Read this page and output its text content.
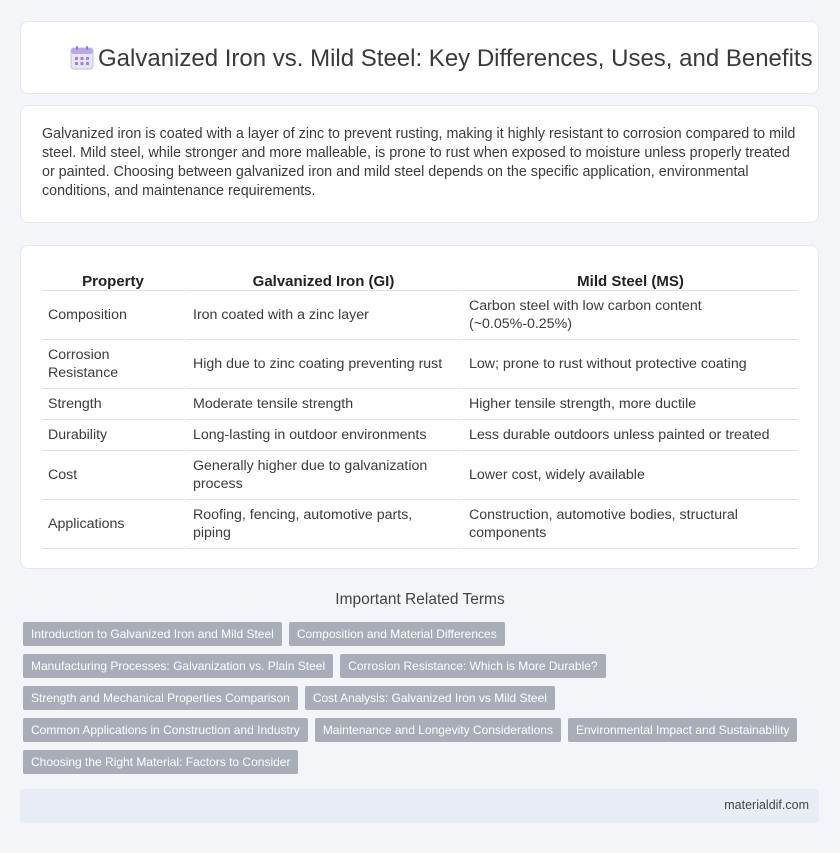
Galvanized Iron vs. Mild Steel: Key Differences, Uses, and Benefits

Galvanized iron is coated with a layer of zinc to prevent rusting, making it highly resistant to corrosion compared to mild steel. Mild steel, while stronger and more malleable, is prone to rust when exposed to moisture unless properly treated or painted. Choosing between galvanized iron and mild steel depends on the specific application, environmental conditions, and maintenance requirements.

Property	Galvanized Iron (GI)	Mild Steel (MS)
Composition	Iron coated with a zinc layer	Carbon steel with low carbon content (~0.05%-0.25%)
Corrosion Resistance	High due to zinc coating preventing rust	Low; prone to rust without protective coating
Strength	Moderate tensile strength	Higher tensile strength, more ductile
Durability	Long-lasting in outdoor environments	Less durable outdoors unless painted or treated
Cost	Generally higher due to galvanization process	Lower cost, widely available
Applications	Roofing, fencing, automotive parts, piping	Construction, automotive bodies, structural components
Important Related Terms
Introduction to Galvanized Iron and Mild Steel	Composition and Material Differences
Manufacturing Processes: Galvanization vs. Plain Steel	Corrosion Resistance: Which is More Durable?
Strength and Mechanical Properties Comparison	Cost Analysis: Galvanized Iron vs Mild Steel
Common Applications in Construction and Industry	Maintenance and Longevity Considerations	Environmental Impact and Sustainability
Choosing the Right Material: Factors to Consider
materialdif.com
